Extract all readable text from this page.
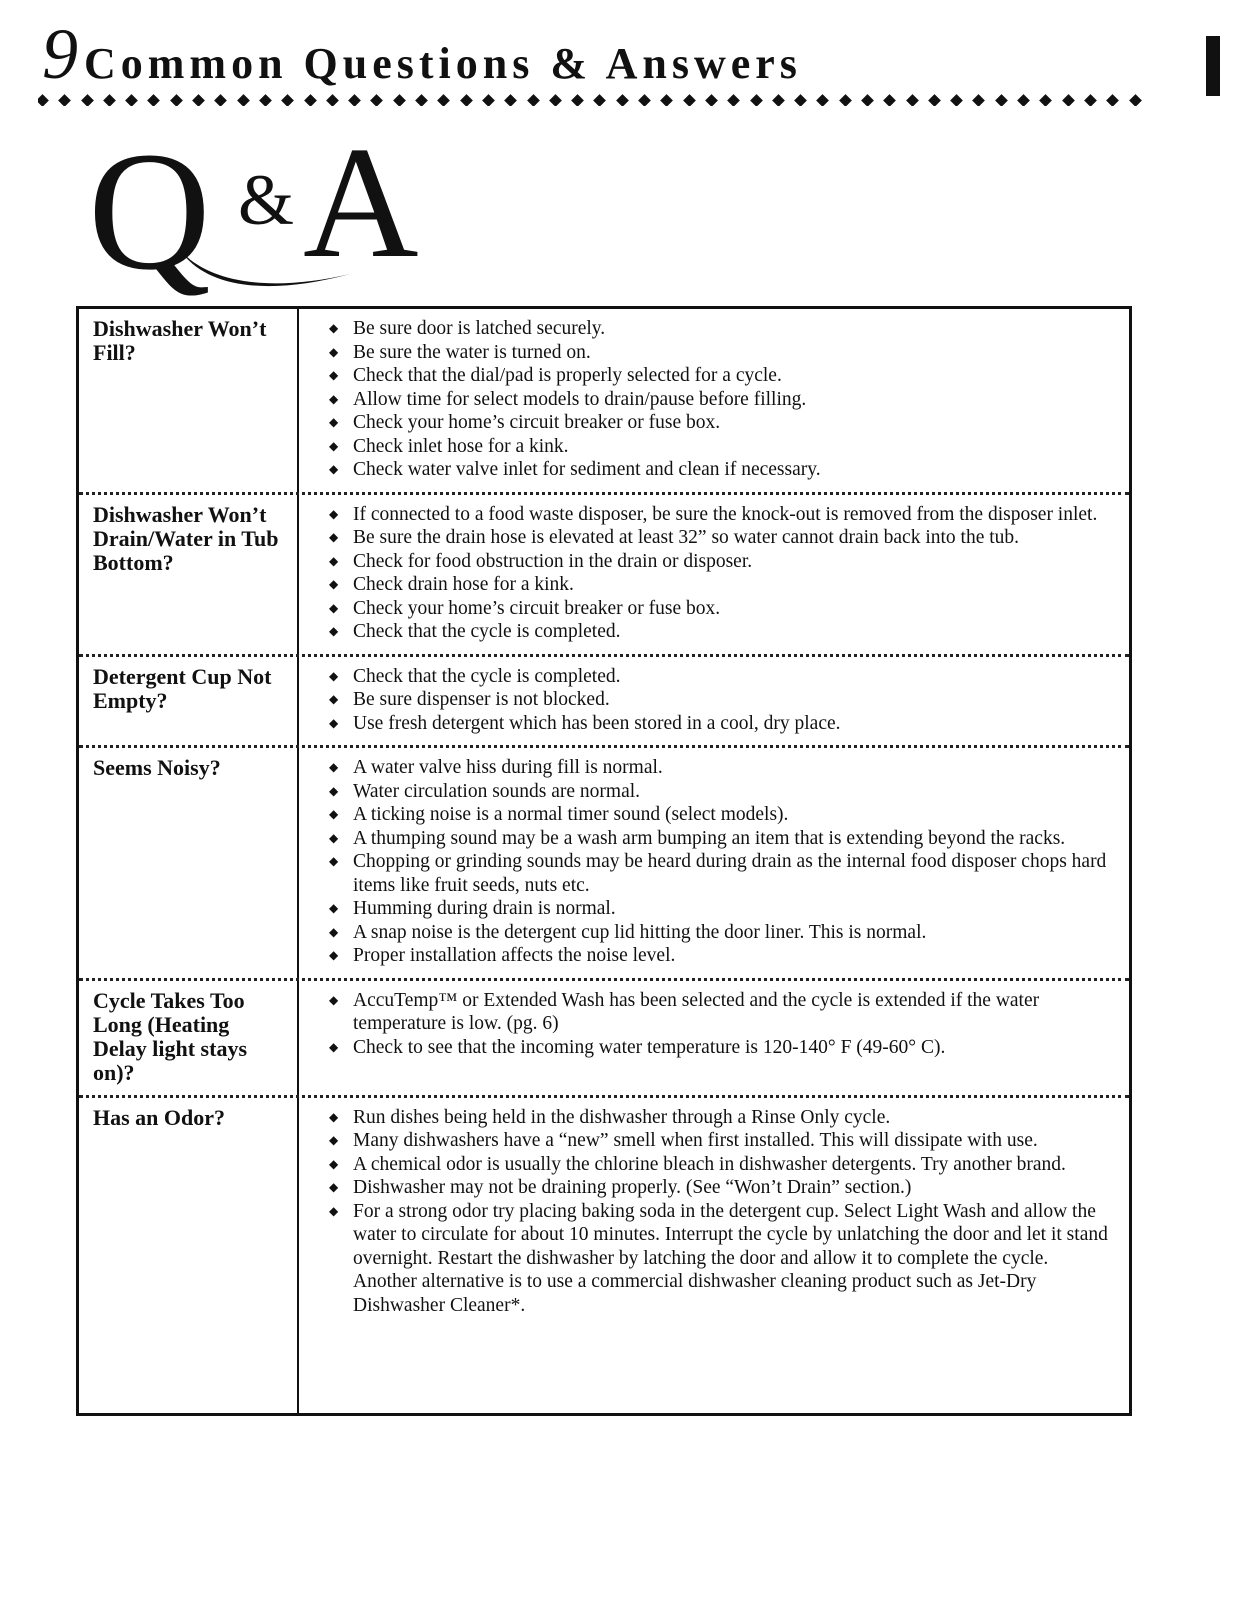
9 Common Questions & Answers
Q & A
Dishwasher Won’t Fill?
◆ Be sure door is latched securely.
◆ Be sure the water is turned on.
◆ Check that the dial/pad is properly selected for a cycle.
◆ Allow time for select models to drain/pause before filling.
◆ Check your home’s circuit breaker or fuse box.
◆ Check inlet hose for a kink.
◆ Check water valve inlet for sediment and clean if necessary.
Dishwasher Won’t Drain/Water in Tub Bottom?
◆ If connected to a food waste disposer, be sure the knock-out is removed from the disposer inlet.
◆ Be sure the drain hose is elevated at least 32” so water cannot drain back into the tub.
◆ Check for food obstruction in the drain or disposer.
◆ Check drain hose for a kink.
◆ Check your home’s circuit breaker or fuse box.
◆ Check that the cycle is completed.
Detergent Cup Not Empty?
◆ Check that the cycle is completed.
◆ Be sure dispenser is not blocked.
◆ Use fresh detergent which has been stored in a cool, dry place.
Seems Noisy?	◆ A water valve hiss during fill is normal.
◆ Water circulation sounds are normal.
◆ A ticking noise is a normal timer sound (select models).
◆ A thumping sound may be a wash arm bumping an item that is extending beyond the racks.
◆ Chopping or grinding sounds may be heard during drain as the internal food disposer chops hard items like fruit seeds, nuts etc.
◆ Humming during drain is normal.
◆ A snap noise is the detergent cup lid hitting the door liner. This is normal.
◆ Proper installation affects the noise level.
Cycle Takes Too Long (Heating Delay light stays on)?
◆ AccuTemp™ or Extended Wash has been selected and the cycle is extended if the water temperature is low. (pg. 6)
◆ Check to see that the incoming water temperature is 120-140° F (49-60° C).
Has an Odor?	◆ Run dishes being held in the dishwasher through a Rinse Only cycle.
◆ Many dishwashers have a “new” smell when first installed. This will dissipate with use.
◆ A chemical odor is usually the chlorine bleach in dishwasher detergents. Try another brand.
◆ Dishwasher may not be draining properly. (See “Won’t Drain” section.)
◆ For a strong odor try placing baking soda in the detergent cup. Select Light Wash and allow the water to circulate for about 10 minutes. Interrupt the cycle by unlatching the door and let it stand overnight. Restart the dishwasher by latching the door and allow it to complete the cycle. Another alternative is to use a commercial dishwasher cleaning product such as Jet-Dry Dishwasher Cleaner*.
